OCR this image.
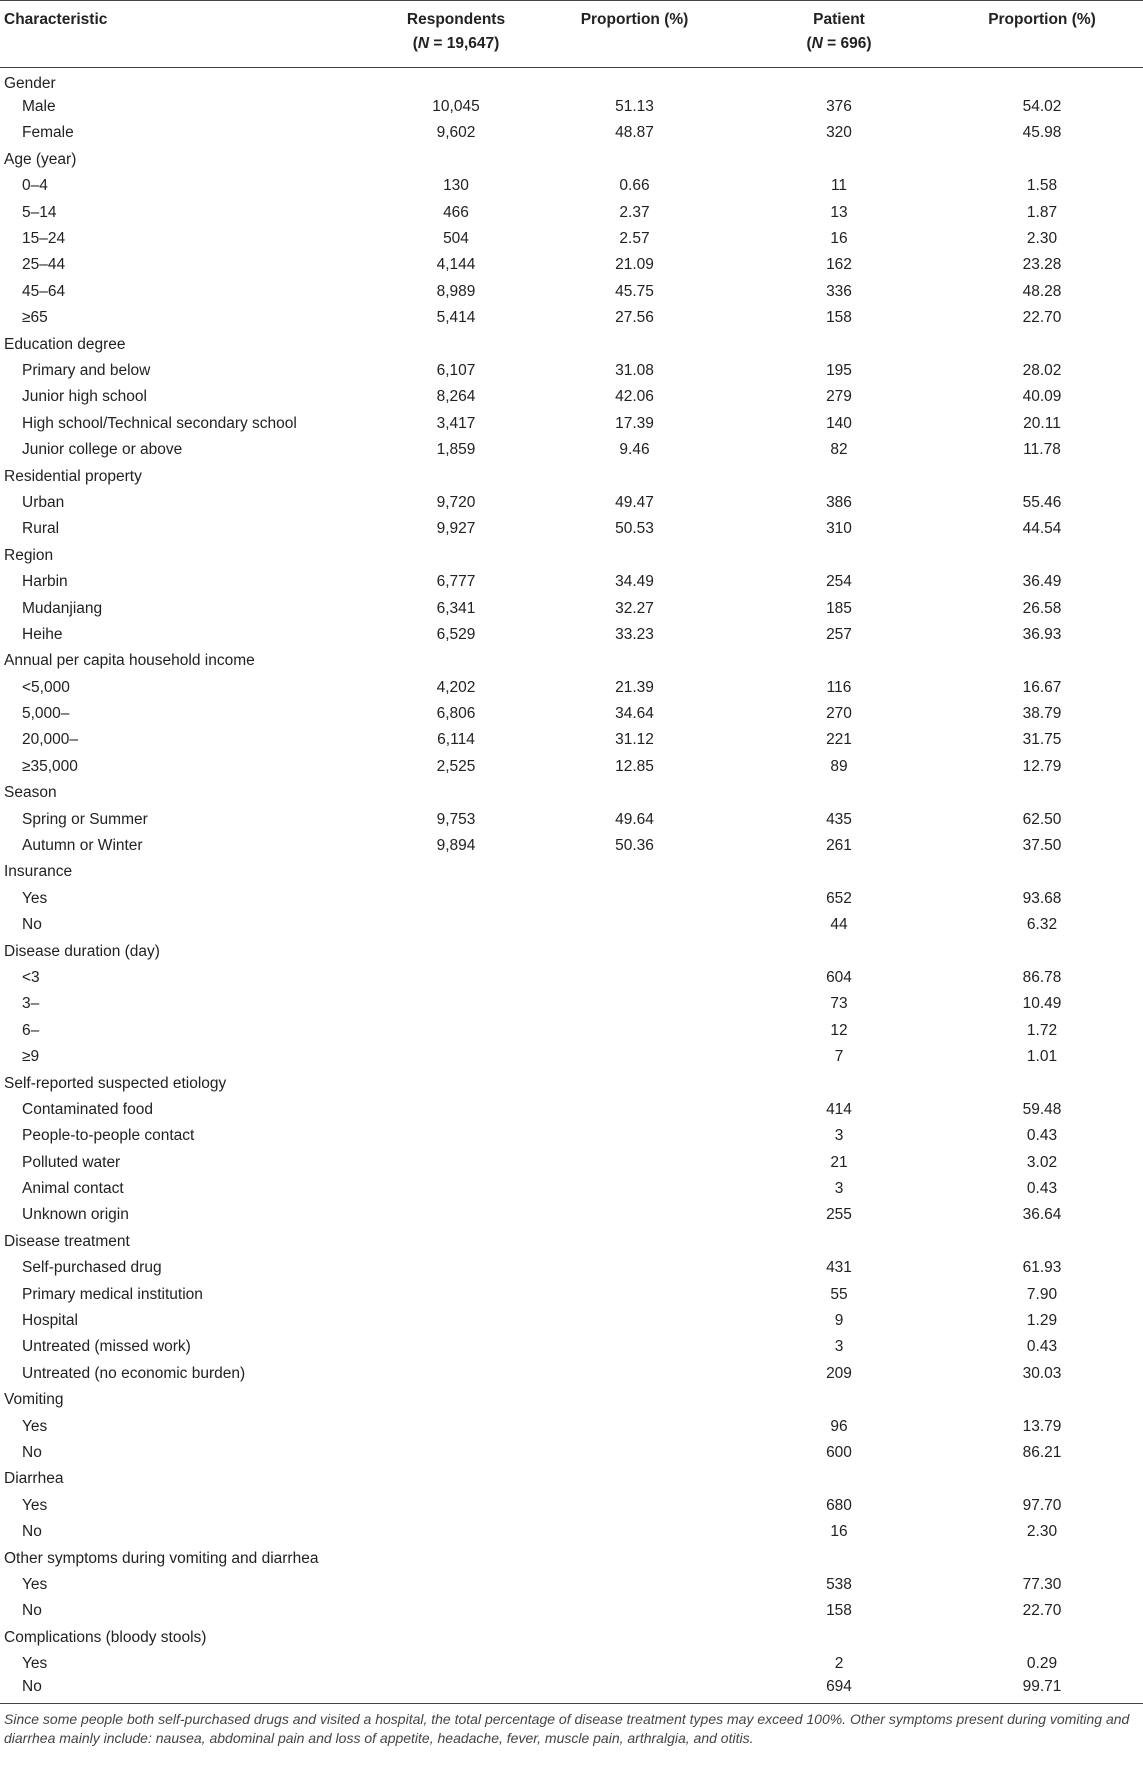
Characteristic	Respondents	Proportion (%)	Patient	Proportion (%)
	(N = 19,647)		(N = 696)	
Gender				
Male	10,045	51.13	376	54.02
Female	9,602	48.87	320	45.98
Age (year)				
0–4	130	0.66	11	1.58
5–14	466	2.37	13	1.87
15–24	504	2.57	16	2.30
25–44	4,144	21.09	162	23.28
45–64	8,989	45.75	336	48.28
≥65	5,414	27.56	158	22.70
Education degree				
Primary and below	6,107	31.08	195	28.02
Junior high school	8,264	42.06	279	40.09
High school/Technical secondary school	3,417	17.39	140	20.11
Junior college or above	1,859	9.46	82	11.78
Residential property				
Urban	9,720	49.47	386	55.46
Rural	9,927	50.53	310	44.54
Region				
Harbin	6,777	34.49	254	36.49
Mudanjiang	6,341	32.27	185	26.58
Heihe	6,529	33.23	257	36.93
Annual per capita household income				
<5,000	4,202	21.39	116	16.67
5,000–	6,806	34.64	270	38.79
20,000–	6,114	31.12	221	31.75
≥35,000	2,525	12.85	89	12.79
Season				
Spring or Summer	9,753	49.64	435	62.50
Autumn or Winter	9,894	50.36	261	37.50
Insurance				
Yes			652	93.68
No			44	6.32
Disease duration (day)				
<3			604	86.78
3–			73	10.49
6–			12	1.72
≥9			7	1.01
Self-reported suspected etiology				
Contaminated food			414	59.48
People-to-people contact			3	0.43
Polluted water			21	3.02
Animal contact			3	0.43
Unknown origin			255	36.64
Disease treatment				
Self-purchased drug			431	61.93
Primary medical institution			55	7.90
Hospital			9	1.29
Untreated (missed work)			3	0.43
Untreated (no economic burden)			209	30.03
Vomiting				
Yes			96	13.79
No			600	86.21
Diarrhea				
Yes			680	97.70
No			16	2.30
Other symptoms during vomiting and diarrhea				
Yes			538	77.30
No			158	22.70
Complications (bloody stools)				
Yes			2	0.29
No			694	99.71
Since some people both self-purchased drugs and visited a hospital, the total percentage of disease treatment types may exceed 100%. Other symptoms present during vomiting and diarrhea mainly include: nausea, abdominal pain and loss of appetite, headache, fever, muscle pain, arthralgia, and otitis.
